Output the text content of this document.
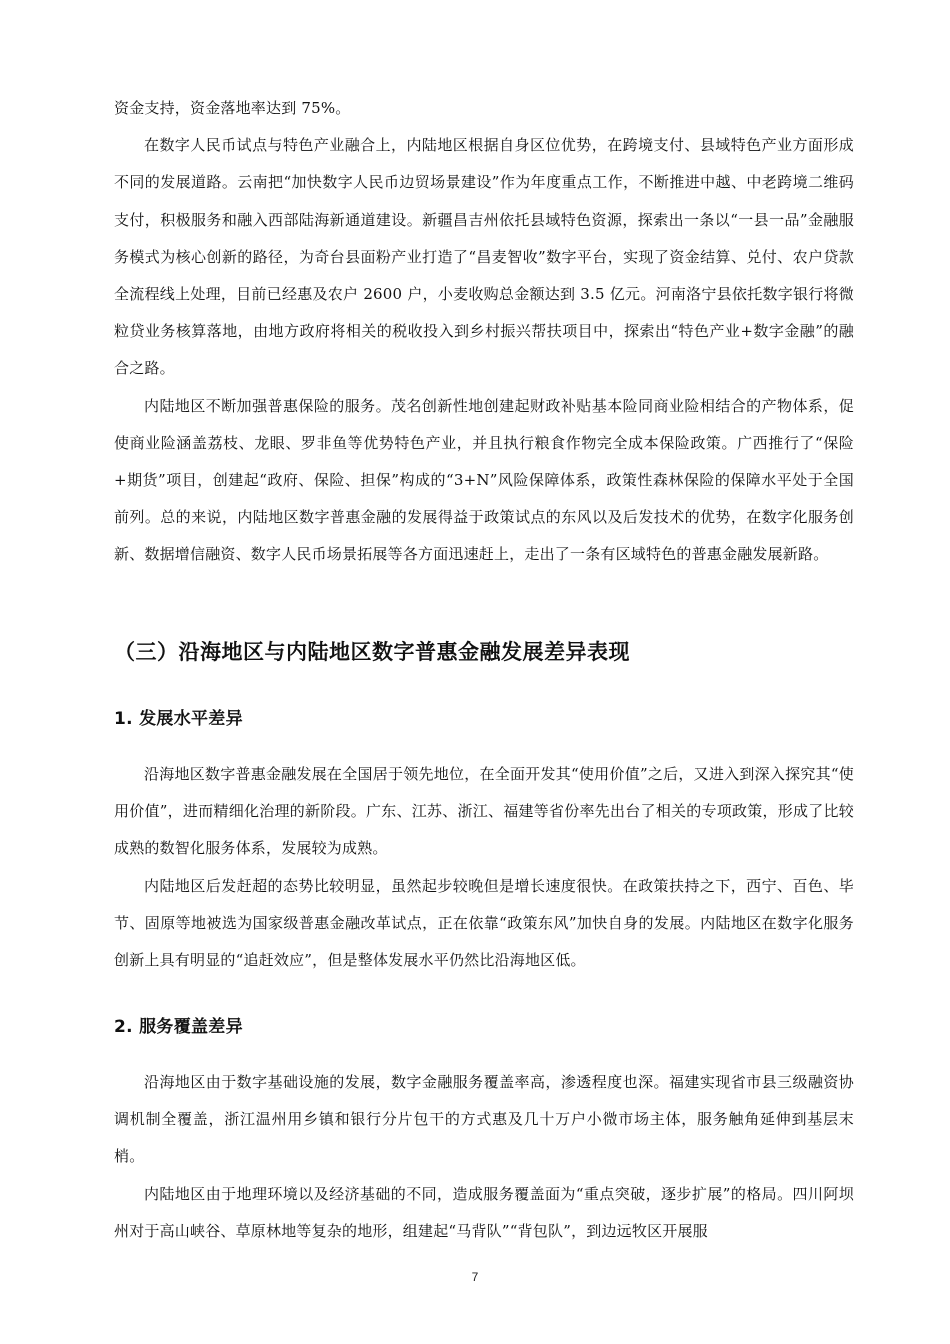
资金支持，资金落地率达到 75%。

在数字人民币试点与特色产业融合上，内陆地区根据自身区位优势，在跨境支付、县域特色产业方面形成不同的发展道路。云南把“加快数字人民币边贸场景建设”作为年度重点工作，不断推进中越、中老跨境二维码支付，积极服务和融入西部陆海新通道建设。新疆昌吉州依托县域特色资源，探索出一条以“一县一品”金融服务模式为核心创新的路径，为奇台县面粉产业打造了“昌麦智收”数字平台，实现了资金结算、兑付、农户贷款全流程线上处理，目前已经惠及农户 2600 户，小麦收购总金额达到 3.5 亿元。河南洛宁县依托数字银行将微粒贷业务核算落地，由地方政府将相关的税收投入到乡村振兴帮扶项目中，探索出“特色产业+数字金融”的融合之路。

内陆地区不断加强普惠保险的服务。茂名创新性地创建起财政补贴基本险同商业险相结合的产物体系，促使商业险涵盖荔枝、龙眼、罗非鱼等优势特色产业，并且执行粮食作物完全成本保险政策。广西推行了“保险+期货”项目，创建起“政府、保险、担保”构成的“3+N”风险保障体系，政策性森林保险的保障水平处于全国前列。总的来说，内陆地区数字普惠金融的发展得益于政策试点的东风以及后发技术的优势，在数字化服务创新、数据增信融资、数字人民币场景拓展等各方面迅速赶上，走出了一条有区域特色的普惠金融发展新路。

（三）沿海地区与内陆地区数字普惠金融发展差异表现
1. 发展水平差异

沿海地区数字普惠金融发展在全国居于领先地位，在全面开发其“使用价值”之后，又进入到深入探究其“使用价值”，进而精细化治理的新阶段。广东、江苏、浙江、福建等省份率先出台了相关的专项政策，形成了比较成熟的数智化服务体系，发展较为成熟。

内陆地区后发赶超的态势比较明显，虽然起步较晚但是增长速度很快。在政策扶持之下，西宁、百色、毕节、固原等地被选为国家级普惠金融改革试点，正在依靠“政策东风”加快自身的发展。内陆地区在数字化服务创新上具有明显的“追赶效应”，但是整体发展水平仍然比沿海地区低。

2. 服务覆盖差异

沿海地区由于数字基础设施的发展，数字金融服务覆盖率高，渗透程度也深。福建实现省市县三级融资协调机制全覆盖，浙江温州用乡镇和银行分片包干的方式惠及几十万户小微市场主体，服务触角延伸到基层末梢。

内陆地区由于地理环境以及经济基础的不同，造成服务覆盖面为“重点突破，逐步扩展”的格局。四川阿坝州对于高山峡谷、草原林地等复杂的地形，组建起“马背队”“背包队”，到边远牧区开展服

7
